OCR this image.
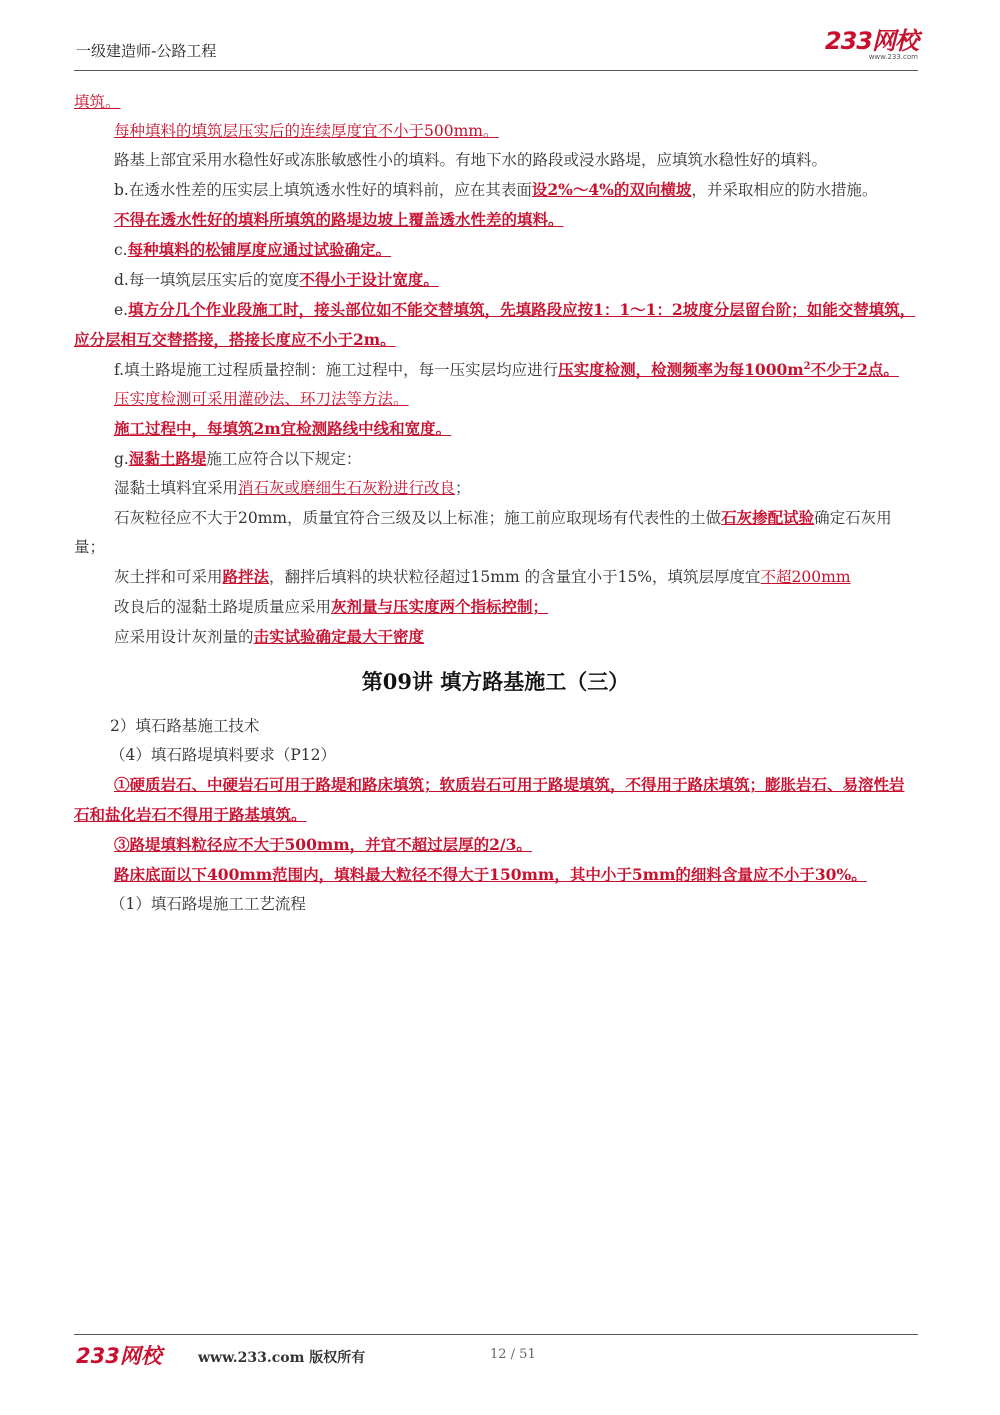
一级建造师-公路工程	233网校
www.233.com

填筑。

每种填料的填筑层压实后的连续厚度宜不小于500mm。

路基上部宜采用水稳性好或冻胀敏感性小的填料。有地下水的路段或浸水路堤，应填筑水稳性好的填料。

b.在透水性差的压实层上填筑透水性好的填料前，应在其表面设2%～4%的双向横坡，并采取相应的防水措施。

不得在透水性好的填料所填筑的路堤边坡上覆盖透水性差的填料。

c.每种填料的松铺厚度应通过试验确定。

d.每一填筑层压实后的宽度不得小于设计宽度。

e.填方分几个作业段施工时，接头部位如不能交替填筑，先填路段应按1：1～1：2坡度分层留台阶；如能交替填筑，应分层相互交替搭接，搭接长度应不小于2m。

f.填土路堤施工过程质量控制：施工过程中，每一压实层均应进行压实度检测，检测频率为每$1000m^2$不少于2点。

压实度检测可采用灌砂法、环刀法等方法。

施工过程中，每填筑2m宜检测路线中线和宽度。

g.湿黏土路堤施工应符合以下规定：

湿黏土填料宜采用消石灰或磨细生石灰粉进行改良；

石灰粒径应不大于20mm，质量宜符合三级及以上标准；施工前应取现场有代表性的土做石灰掺配试验确定石灰用量；

灰土拌和可采用路拌法，翻拌后填料的块状粒径超过15mm 的含量宜小于15%，填筑层厚度宜不超200mm

改良后的湿黏土路堤质量应采用灰剂量与压实度两个指标控制；

应采用设计灰剂量的击实试验确定最大干密度

第09讲 填方路基施工（三）

2）填石路基施工技术

（4）填石路堤填料要求（P12）

①硬质岩石、中硬岩石可用于路堤和路床填筑；软质岩石可用于路堤填筑，不得用于路床填筑；膨胀岩石、易溶性岩石和盐化岩石不得用于路基填筑。

③路堤填料粒径应不大于500mm，并宜不超过层厚的2/3。

路床底面以下400mm范围内，填料最大粒径不得大于150mm，其中小于5mm的细料含量应不小于30%。

（1）填石路堤施工工艺流程

233网校	www.233.com 版权所有	12 / 51
